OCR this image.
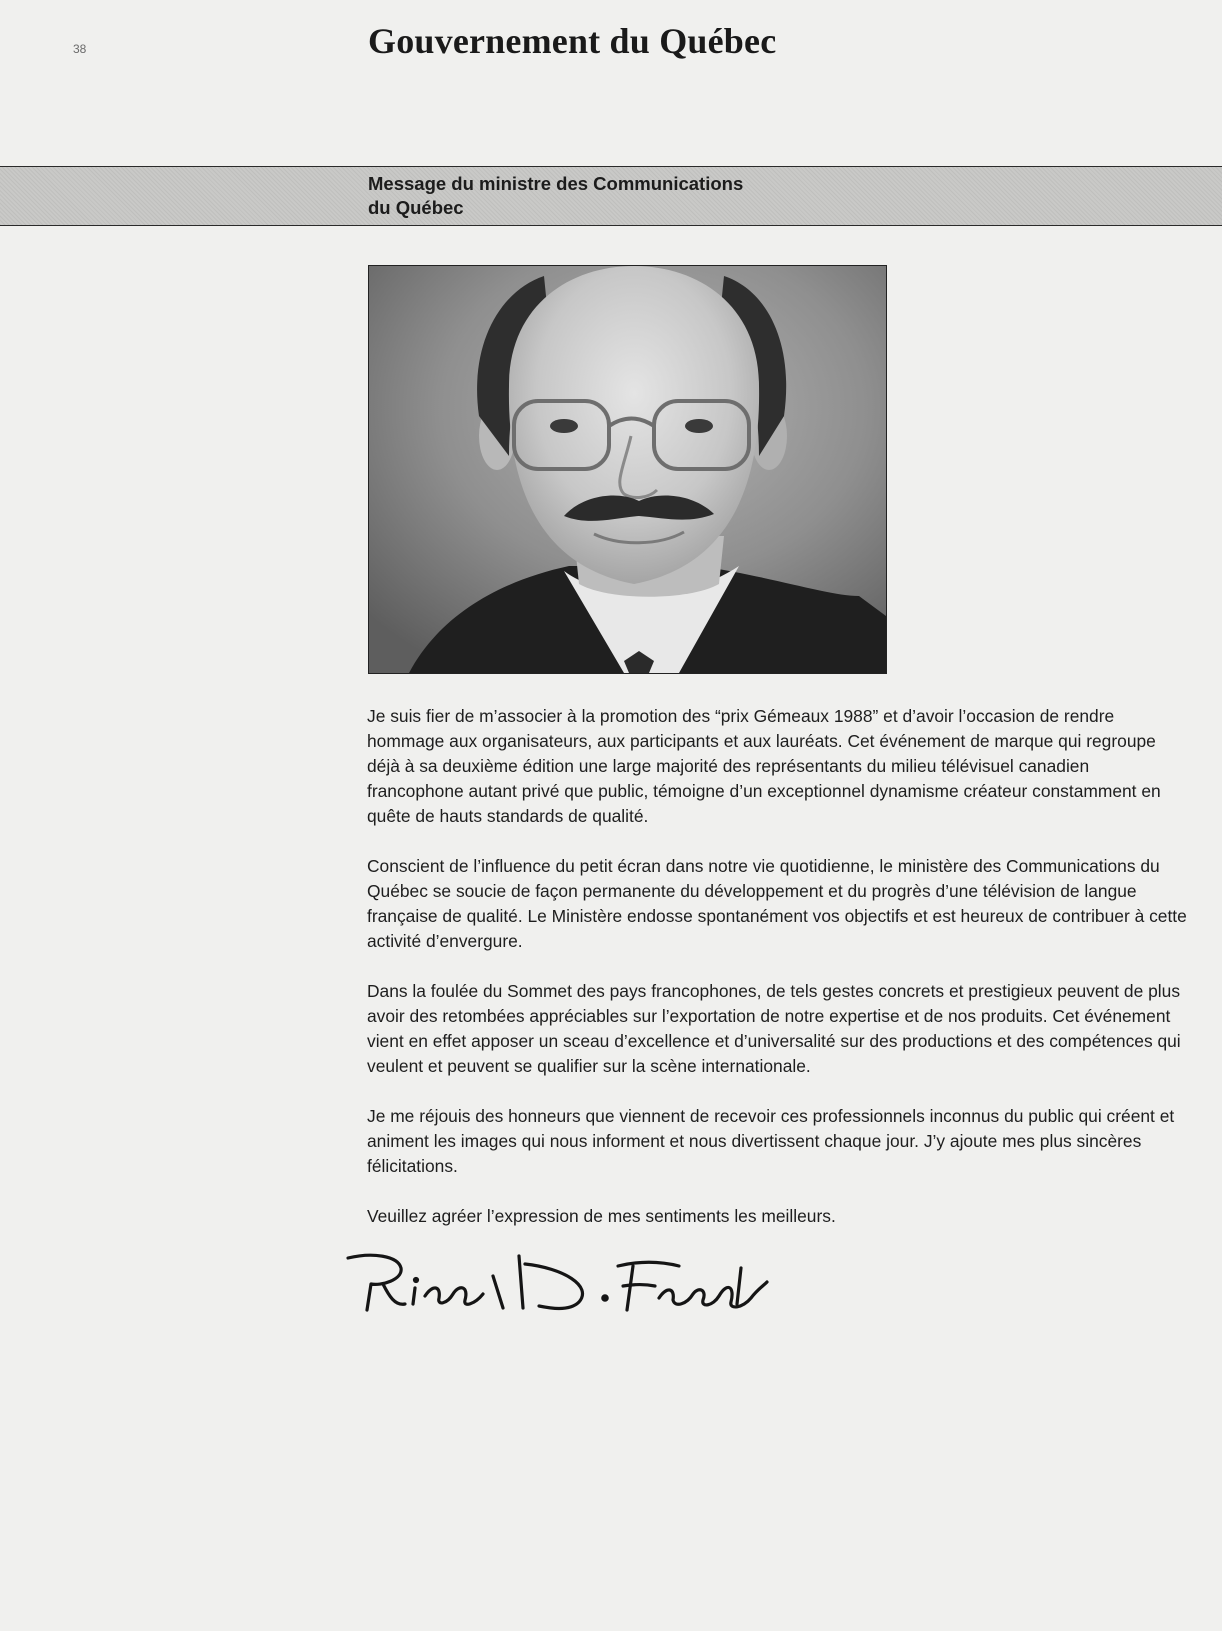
38	Gouvernement du Québec
Message du ministre des Communications
du Québec

Je suis fier de m’associer à la promotion des “prix Gémeaux 1988” et d’avoir l’occasion de rendre hommage aux organisateurs, aux participants et aux lauréats. Cet événement de marque qui regroupe déjà à sa deuxième édition une large majorité des représentants du milieu télévisuel canadien francophone autant privé que public, témoigne d’un exceptionnel dynamisme créateur constamment en quête de hauts standards de qualité.

Conscient de l’influence du petit écran dans notre vie quotidienne, le ministère des Communications du Québec se soucie de façon permanente du développement et du progrès d’une télévision de langue française de qualité. Le Ministère endosse spontanément vos objectifs et est heureux de contribuer à cette activité d’envergure.

Dans la foulée du Sommet des pays francophones, de tels gestes concrets et prestigieux peuvent de plus avoir des retombées appréciables sur l’exportation de notre expertise et de nos produits. Cet événement vient en effet apposer un sceau d’excellence et d’universalité sur des productions et des compétences qui veulent et peuvent se qualifier sur la scène internationale.

Je me réjouis des honneurs que viennent de recevoir ces professionnels inconnus du public qui créent et animent les images qui nous informent et nous divertissent chaque jour. J’y ajoute mes plus sincères félicitations.

Veuillez agréer l’expression de mes sentiments les meilleurs.
